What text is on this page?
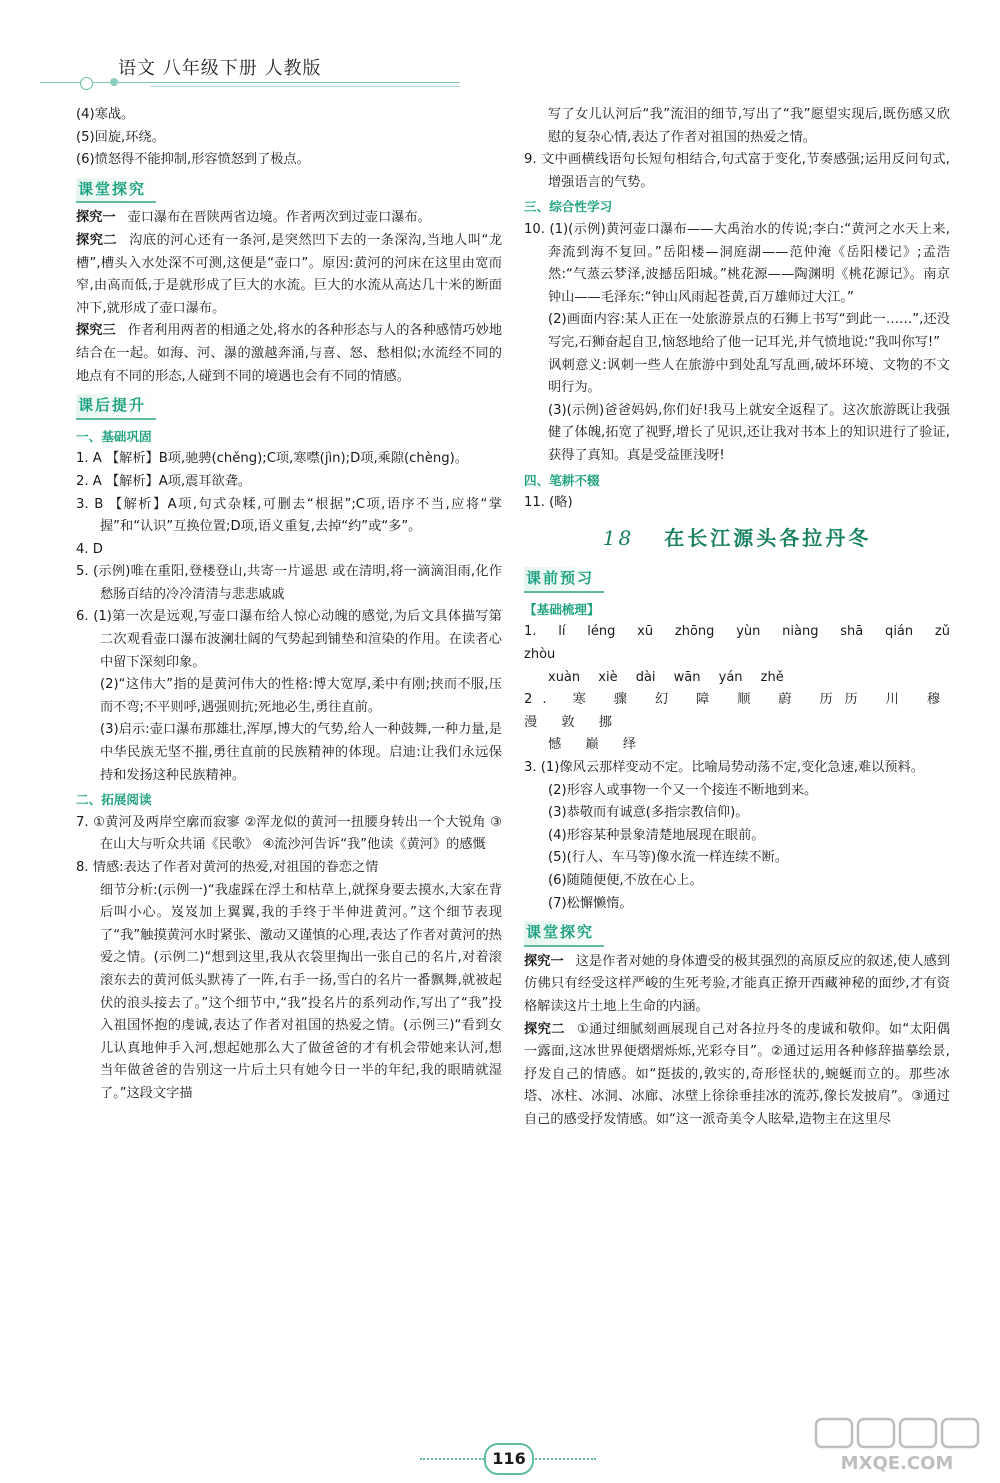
语文 八年级下册 人教版

(4)寒战。

(5)回旋,环绕。

(6)愤怒得不能抑制,形容愤怒到了极点。

课堂探究

探究一 壶口瀑布在晋陕两省边境。作者两次到过壶口瀑布。

探究二 沟底的河心还有一条河,是突然凹下去的一条深沟,当地人叫“龙槽”,槽头入水处深不可测,这便是“壶口”。原因:黄河的河床在这里由宽而窄,由高而低,于是就形成了巨大的水流。巨大的水流从高达几十米的断面冲下,就形成了壶口瀑布。

探究三 作者利用两者的相通之处,将水的各种形态与人的各种感情巧妙地结合在一起。如海、河、瀑的激越奔涌,与喜、怒、愁相似;水流经不同的地点有不同的形态,人碰到不同的境遇也会有不同的情感。

课后提升

一、基础巩固

1. A 【解析】B项,驰骋(chěng);C项,寒噤(jìn);D项,乘隙(chèng)。

2. A 【解析】A项,震耳欲聋。

3. B 【解析】A项,句式杂糅,可删去“根据”;C项,语序不当,应将“掌握”和“认识”互换位置;D项,语义重复,去掉“约”或“多”。

4. D

5. (示例)唯在重阳,登楼登山,共寄一片遥思 或在清明,将一滴滴泪雨,化作愁肠百结的冷冷清清与悲悲戚戚

6. (1)第一次是远观,写壶口瀑布给人惊心动魄的感觉,为后文具体描写第二次观看壶口瀑布波澜壮阔的气势起到铺垫和渲染的作用。在读者心中留下深刻印象。

(2)“这伟大”指的是黄河伟大的性格:博大宽厚,柔中有刚;挟而不服,压而不弯;不平则呼,遇强则抗;死地必生,勇往直前。

(3)启示:壶口瀑布那雄壮,浑厚,博大的气势,给人一种鼓舞,一种力量,是中华民族无坚不摧,勇往直前的民族精神的体现。启迪:让我们永远保持和发扬这种民族精神。

二、拓展阅读

7. ①黄河及两岸空廓而寂寥 ②浑龙似的黄河一扭腰身转出一个大锐角 ③在山大与听众共诵《民歌》 ④流沙河告诉“我”他读《黄河》的感慨

8. 情感:表达了作者对黄河的热爱,对祖国的眷恋之情

细节分析:(示例一)“我虚踩在浮土和枯草上,就探身要去摸水,大家在背后叫小心。岌岌加上翼翼,我的手终于半伸进黄河。”这个细节表现了“我”触摸黄河水时紧张、激动又谨慎的心理,表达了作者对黄河的热爱之情。(示例二)“想到这里,我从衣袋里掏出一张自己的名片,对着滚滚东去的黄河低头默祷了一阵,右手一扬,雪白的名片一番飘舞,就被起伏的浪头接去了。”这个细节中,“我”投名片的系列动作,写出了“我”投入祖国怀抱的虔诚,表达了作者对祖国的热爱之情。(示例三)“看到女儿认真地伸手入河,想起她那么大了做爸爸的才有机会带她来认河,想当年做爸爸的告别这一片后土只有她今日一半的年纪,我的眼睛就湿了。”这段文字描

写了女儿认河后“我”流泪的细节,写出了“我”愿望实现后,既伤感又欣慰的复杂心情,表达了作者对祖国的热爱之情。

9. 文中画横线语句长短句相结合,句式富于变化,节奏感强;运用反问句式,增强语言的气势。

三、综合性学习

10. (1)(示例)黄河壶口瀑布——大禹治水的传说;李白:“黄河之水天上来,奔流到海不复回。”岳阳楼—洞庭湖——范仲淹《岳阳楼记》;孟浩然:“气蒸云梦泽,波撼岳阳城。”桃花源——陶渊明《桃花源记》。南京钟山——毛泽东:“钟山风雨起苍黄,百万雄师过大江。”

(2)画面内容:某人正在一处旅游景点的石狮上书写“到此一……”,还没写完,石狮奋起自卫,恼怒地给了他一记耳光,并气愤地说:“我叫你写!”

讽刺意义:讽刺一些人在旅游中到处乱写乱画,破坏环境、文物的不文明行为。

(3)(示例)爸爸妈妈,你们好!我马上就安全返程了。这次旅游既让我强健了体魄,拓宽了视野,增长了见识,还让我对书本上的知识进行了验证,获得了真知。真是受益匪浅呀!

四、笔耕不辍

11. (略)

18 在长江源头各拉丹冬
课前预习

【基础梳理】

1. lí léng xū zhōng yùn niàng shā qián zǔ zhòu

xuàn xiè dài wān yán zhě

2. 寒 骤 幻 障 顺 蔚 历历 川 穆 漫 敦 挪

憾 巅 绎

3. (1)像风云那样变动不定。比喻局势动荡不定,变化急速,难以预料。

(2)形容人或事物一个又一个接连不断地到来。

(3)恭敬而有诚意(多指宗教信仰)。

(4)形容某种景象清楚地展现在眼前。

(5)(行人、车马等)像水流一样连续不断。

(6)随随便便,不放在心上。

(7)松懈懒惰。

课堂探究

探究一 这是作者对她的身体遭受的极其强烈的高原反应的叙述,使人感到仿佛只有经受这样严峻的生死考验,才能真正撩开西藏神秘的面纱,才有资格解读这片土地上生命的内涵。

探究二 ①通过细腻刻画展现自己对各拉丹冬的虔诚和敬仰。如“太阳偶一露面,这冰世界便熠熠烁烁,光彩夺目”。②通过运用各种修辞描摹绘景,抒发自己的情感。如“挺拔的,敦实的,奇形怪状的,蜿蜒而立的。那些冰塔、冰柱、冰洞、冰廊、冰壁上徐徐垂挂冰的流苏,像长发披肩”。③通过自己的感受抒发情感。如“这一派奇美令人眩晕,造物主在这里尽

116	MXQE.COM
